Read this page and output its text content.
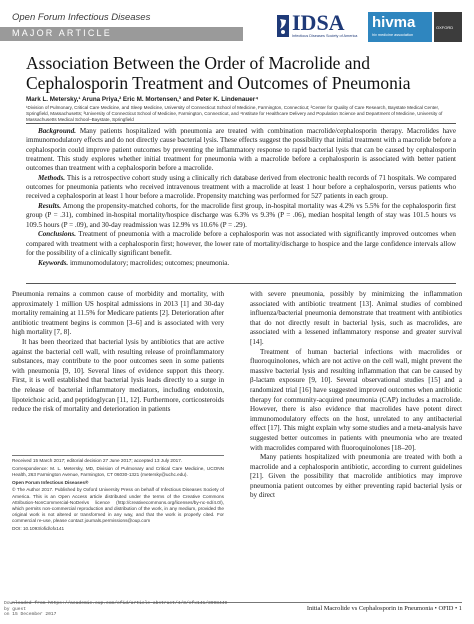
Open Forum Infectious Diseases
MAJOR ARTICLE	IDSA
Infectious Diseases Society of America
hivma
hiv medicine association
OXFORD
Association Between the Order of Macrolide and
Cephalosporin Treatment and Outcomes of Pneumonia
Mark L. Metersky,¹ Aruna Priya,² Eric M. Mortensen,³ and Peter K. Lindenauer⁴
¹Division of Pulmonary, Critical Care Medicine, and Sleep Medicine, University of Connecticut School of Medicine, Farmington, Connecticut; ²Center for Quality of Care Research, Baystate Medical Center, Springfield, Massachusetts; ³University of Connecticut School of Medicine, Farmington, Connecticut, and ⁴Institute for Healthcare Delivery and Population Science and Department of Medicine, University of Massachusetts Medical School–Baystate, Springfield

Background. Many patients hospitalized with pneumonia are treated with combination macrolide/cephalosporin therapy. Macrolides have immunomodulatory effects and do not directly cause bacterial lysis. These effects suggest the possibility that initial treatment with a macrolide before a cephalosporin could improve patient outcomes by preventing the inflammatory response to rapid bacterial lysis that can be caused by cephalosporin treatment. This study explores whether initial treatment for pneumonia with a macrolide before a cephalosporin is associated with better patient outcomes than treatment with a cephalosporin before a macrolide.

Methods. This is a retrospective cohort study using a clinically rich database derived from electronic health records of 71 hospitals. We compared outcomes for pneumonia patients who received intravenous treatment with a macrolide at least 1 hour before a cephalosporin, versus patients who received a cephalosporin at least 1 hour before a macrolide. Propensity matching was performed for 527 patients in each group.

Results. Among the propensity-matched cohorts, for the macrolide first group, in-hospital mortality was 4.2% vs 5.5% for the cephalosporin first group (P = .31), combined in-hospital mortality/hospice discharge was 6.3% vs 9.3% (P = .06), median hospital length of stay was 101.5 hours vs 109.5 hours (P = .09), and 30-day readmission was 12.9% vs 10.6% (P = .29).

Conclusions. Treatment of pneumonia with a macrolide before a cephalosporin was not associated with significantly improved outcomes when compared with treatment with a cephalosporin first; however, the lower rate of mortality/discharge to hospice and the large confidence intervals allow for the possibility of a clinically significant benefit.

Keywords. immunomodulatory; macrolides; outcomes; pneumonia.

Pneumonia remains a common cause of morbidity and mortality, with approximately 1 million US hospital admissions in 2013 [1] and 30-day mortality remaining at 11.5% for Medicare patients [2]. Deterioration after antibiotic treatment begins is common [3–6] and is associated with very high mortality [7, 8].

It has been theorized that bacterial lysis by antibiotics that are active against the bacterial cell wall, with resulting release of proinflammatory substances, may contribute to the poor outcomes seen in some patients with pneumonia [9, 10]. Several lines of evidence support this theory. First, it is well established that bacterial lysis leads directly to a surge in the release of bacterial inflammatory mediators, including endotoxin, lipoteichoic acid, and peptidoglycan [11, 12]. Furthermore, corticosteroids reduce the risk of mortality and deterioration in patients

Received 15 March 2017; editorial decision 27 June 2017; accepted 13 July 2017.
Correspondence: M. L. Metersky, MD, Division of Pulmonary and Critical Care Medicine, UCONN Health, 263 Farmington Avenue, Farmington, CT 06030-1321 (metersky@uchc.edu).
Open Forum Infectious Diseases®
© The Author 2017. Published by Oxford University Press on behalf of Infectious Diseases Society of America. This is an Open Access article distributed under the terms of the Creative Commons Attribution-NonCommercial-NoDerivs licence (http://creativecommons.org/licenses/by-nc-nd/4.0/), which permits non-commercial reproduction and distribution of the work, in any medium, provided the original work is not altered or transformed in any way, and that the work is properly cited. For commercial re-use, please contact journals.permissions@oup.com
DOI: 10.1093/ofid/ofx141

with severe pneumonia, possibly by minimizing the inflammation associated with antibiotic treatment [13]. Animal studies of combined influenza/bacterial pneumonia demonstrate that treatment with antibiotics that do not directly result in bacterial lysis, such as macrolides, are associated with a lessened inflammatory response and greater survival [14].

Treatment of human bacterial infections with macrolides or fluoroquinolones, which are not active on the cell wall, might prevent the massive bacterial lysis and resulting inflammation that can be caused by β-lactam exposure [9, 10]. Several observational studies [15] and a randomized trial [16] have suggested improved outcomes when antibiotic therapy for community-acquired pneumonia (CAP) includes a macrolide. However, there is also evidence that macrolides have potent direct immunomodulatory effects on the host, unrelated to any antibacterial effect [17]. This might explain why some studies and a meta-analysis have suggested better outcomes in patients with pneumonia who are treated with macrolides compared with fluoroquinolones [18–20].

Many patients hospitalized with pneumonia are treated with both a macrolide and a cephalosporin antibiotic, according to current guidelines [21]. Given the possibility that macrolide antibiotics may improve pneumonia patient outcomes by either preventing rapid bacterial lysis or by direct

Initial Macrolide vs Cephalosporin in Pneumonia • OFID • 1
Downloaded from https://academic.oup.com/ofid/article-abstract/4/3/ofx141/3998449
by guest
on 15 December 2017
